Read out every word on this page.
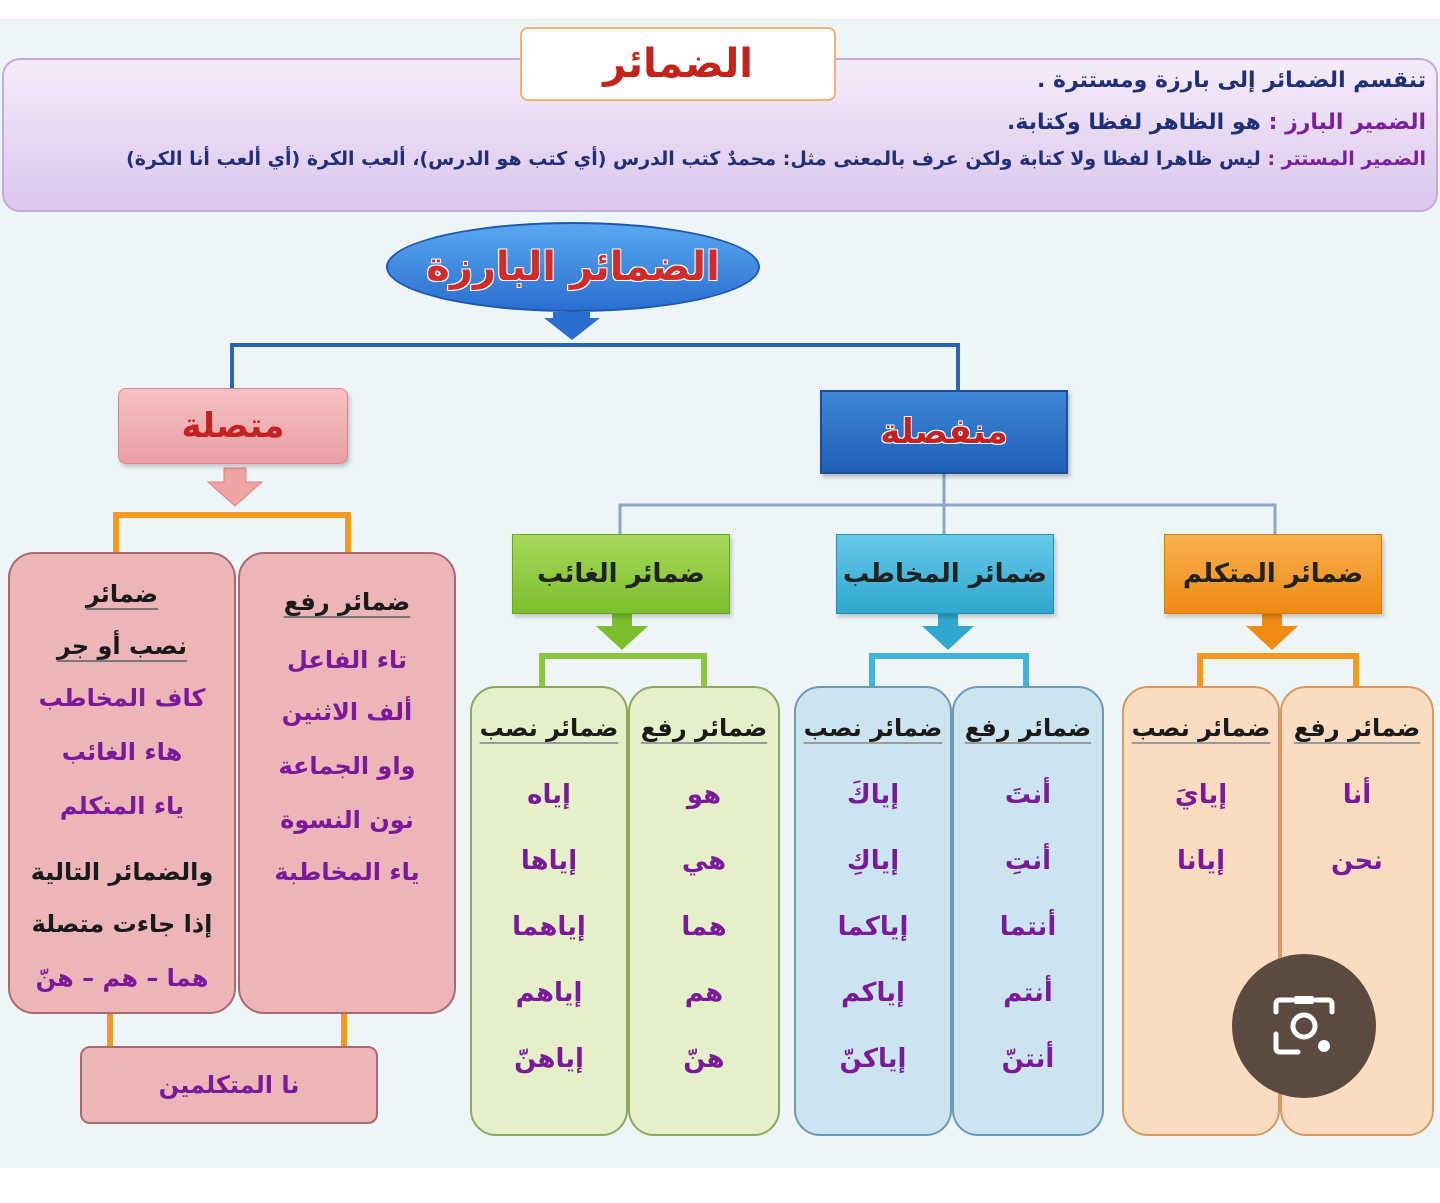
الضمائر	تنقسم الضمائر إلى بارزة ومستترة .
الضمير البارز : هو الظاهر لفظا وكتابة.
الضمير المستتر : ليس ظاهرا لفظا ولا كتابة ولكن عرف بالمعنى مثل: محمدٌ كتب الدرس (أي كتب هو الدرس)، ألعب الكرة (أي ألعب أنا الكرة)
الضمائر البارزة
متصلة	منفصلة
ضمائر الغائب	ضمائر المخاطب	ضمائر المتكلم
ضمائر نصب
إياه
إياها
إياهما
إياهم
إياهنّ
ضمائر رفع
هو
هي
هما
هم
هنّ
ضمائر نصب
إياكَ
إياكِ
إياكما
إياكم
إياكنّ
ضمائر رفع
أنتَ
أنتِ
أنتما
أنتم
أنتنّ
ضمائر نصب
إيايَ
إيانا
ضمائر رفع
أنا
نحن
ضمائر
نصب أو جر
كاف المخاطب
هاء الغائب
ياء المتكلم
والضمائر التالية
إذا جاءت متصلة
هما – هم – هنّ
ضمائر رفع
تاء الفاعل
ألف الاثنين
واو الجماعة
نون النسوة
ياء المخاطبة
نا المتكلمين
